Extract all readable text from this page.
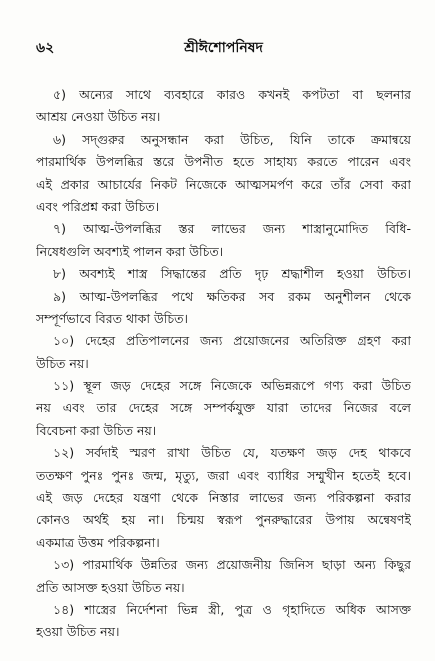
৬২	শ্রীঈশোপনিষদ
৫) অন্যের সাথে ব্যবহারে কারও কখনই কপটতা বা ছলনার
আশ্রয় নেওয়া উচিত নয়।
৬) সদ্‌গুরুর অনুসন্ধান করা উচিত, যিনি তাকে ক্রমান্বয়ে
পারমার্থিক উপলব্ধির স্তরে উপনীত হতে সাহায্য করতে পারেন এবং
এই প্রকার আচার্যের নিকট নিজেকে আত্মসমর্পণ করে তাঁর সেবা করা
এবং পরিপ্রশ্ন করা উচিত।
৭) আত্ম-উপলব্ধির স্তর লাভের জন্য শাস্ত্রানুমোদিত বিধি-
নিষেধগুলি অবশ্যই পালন করা উচিত।
৮) অবশ্যই শাস্ত্র সিদ্ধান্তের প্রতি দৃঢ় শ্রদ্ধাশীল হওয়া উচিত।
৯) আত্ম-উপলব্ধির পথে ক্ষতিকর সব রকম অনুশীলন থেকে
সম্পূর্ণভাবে বিরত থাকা উচিত।
১০) দেহের প্রতিপালনের জন্য প্রয়োজনের অতিরিক্ত গ্রহণ করা
উচিত নয়।
১১) স্থূল জড় দেহের সঙ্গে নিজেকে অভিন্নরূপে গণ্য করা উচিত
নয় এবং তার দেহের সঙ্গে সম্পর্কযুক্ত যারা তাদের নিজের বলে
বিবেচনা করা উচিত নয়।
১২) সর্বদাই স্মরণ রাখা উচিত যে, যতক্ষণ জড় দেহ থাকবে
ততক্ষণ পুনঃ পুনঃ জন্ম, মৃত্যু, জরা এবং ব্যাধির সম্মুখীন হতেই হবে।
এই জড় দেহের যন্ত্রণা থেকে নিস্তার লাভের জন্য পরিকল্পনা করার
কোনও অর্থই হয় না। চিন্ময় স্বরূপ পুনরুদ্ধারের উপায় অন্বেষণই
একমাত্র উত্তম পরিকল্পনা।
১৩) পারমার্থিক উন্নতির জন্য প্রয়োজনীয় জিনিস ছাড়া অন্য কিছুর
প্রতি আসক্ত হওয়া উচিত নয়।
১৪) শাস্ত্রের নির্দেশনা ভিন্ন স্ত্রী, পুত্র ও গৃহাদিতে অধিক আসক্ত
হওয়া উচিত নয়।
